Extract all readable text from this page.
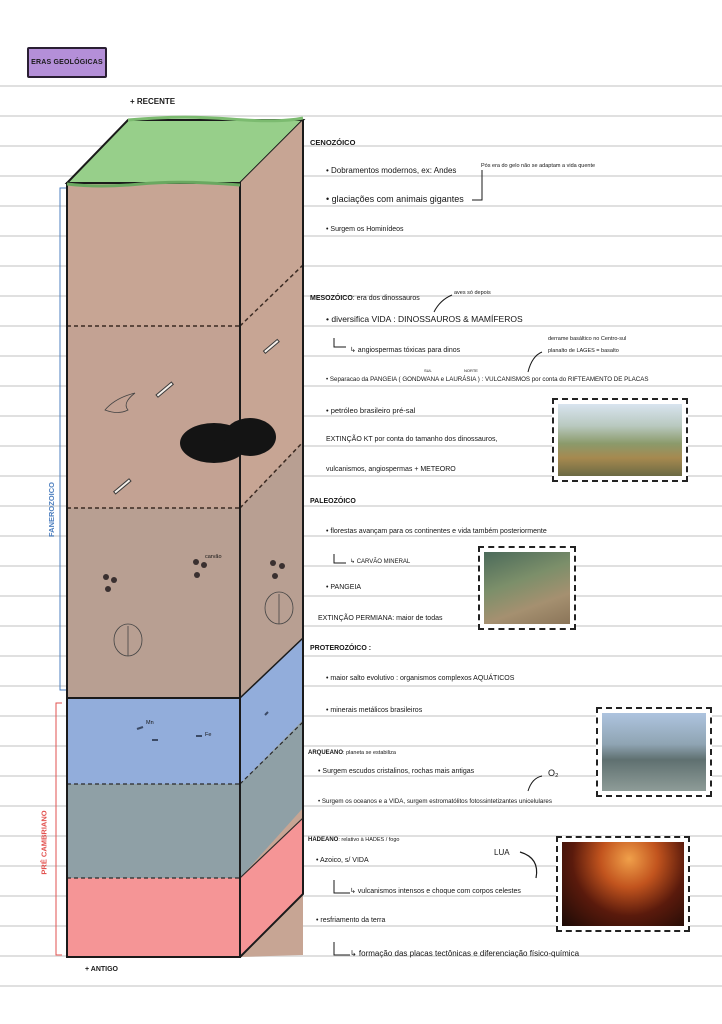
ERAS GEOLÓGICAS
+ RECENTE
+ ANTIGO
FANEROZOICO
PRÉ CAMBRIANO
carvão
Mn
Fe
CENOZÓICO
• Dobramentos modernos, ex: Andes	Pós era do gelo não se adaptam a vida quente
• glaciações com animais gigantes
• Surgem os Hominídeos
MESOZÓICO: era dos dinossauros
aves só depois
• diversifica VIDA : DINOSSAUROS & MAMÍFEROS
↳ angiospermas tóxicas para dinos
derrame basáltico no Centro-sul
planalto de LAGES = basalto
SUL	NORTE
• Separacao da PANGEIA ( GONDWANA e LAURÁSIA ) : VULCANISMOS por conta do RIFTEAMENTO DE PLACAS
• petróleo brasileiro pré-sal
EXTINÇÃO KT por conta do tamanho dos dinossauros,
vulcanismos, angiospermas + METEORO
PALEOZÓICO
• florestas avançam para os continentes e vida também posteriormente
↳ CARVÃO MINERAL
• PANGEIA
EXTINÇÃO PERMIANA: maior de todas
PROTEROZÓICO :
• maior salto evolutivo : organismos complexos AQUÁTICOS
• minerais metálicos brasileiros
ARQUEANO: planeta se estabiliza
• Surgem escudos cristalinos, rochas mais antigas	O₂
• Surgem os oceanos e a VIDA, surgem estromatólitos fotossintetizantes unicelulares
HADEANO: relativo à HADES / fogo
LUA
• Azoico, s/ VIDA
↳ vulcanismos intensos e choque com corpos celestes
• resfriamento da terra
↳ formação das placas tectônicas e diferenciação físico-química
